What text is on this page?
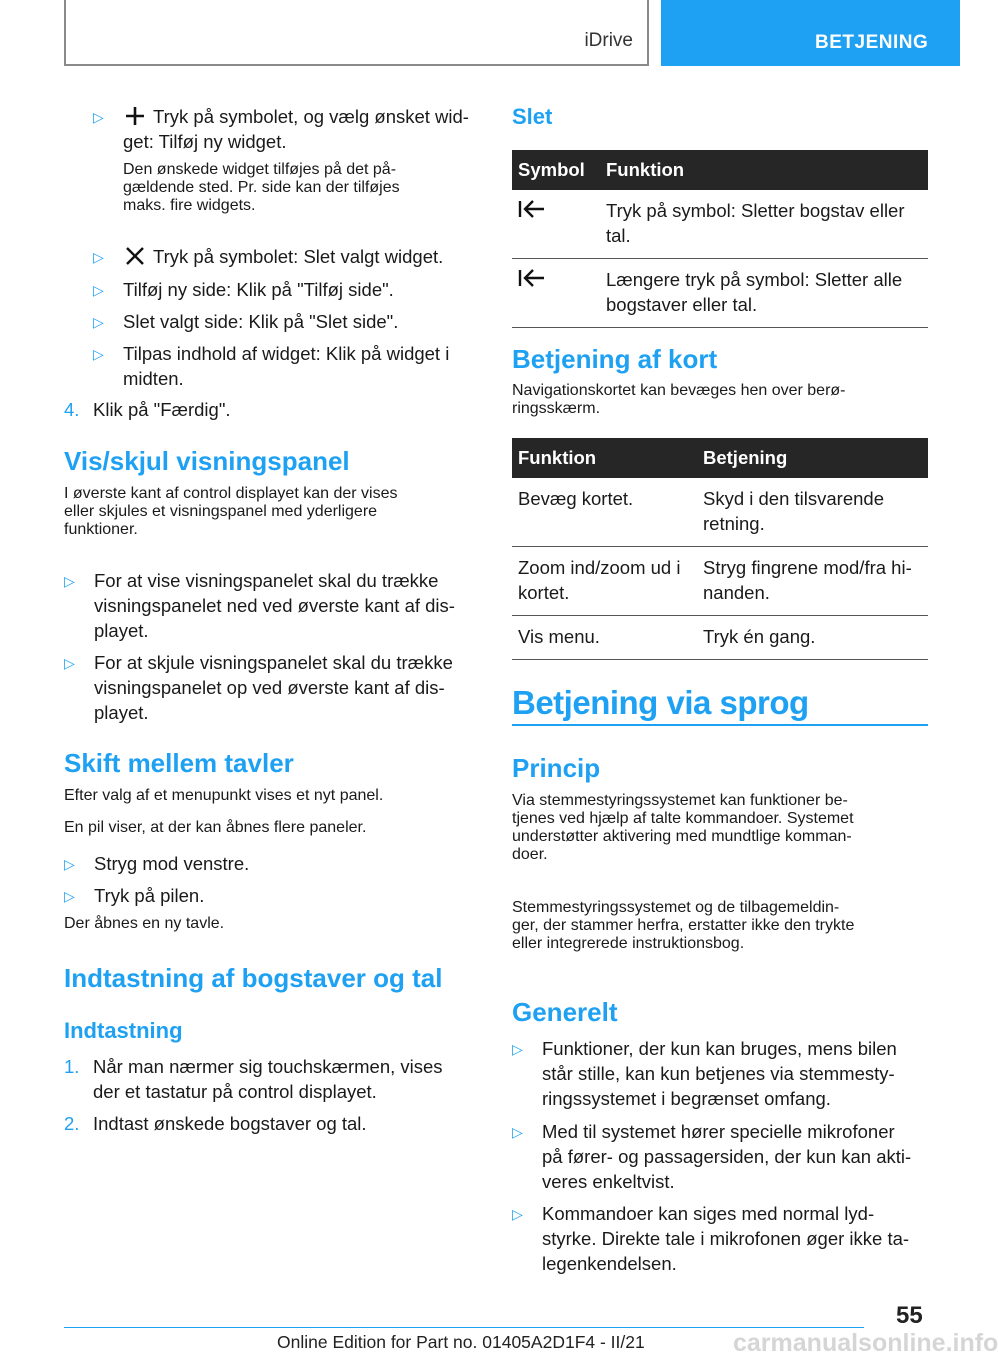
iDrive	BETJENING
▷	Tryk på symbolet, og vælg ønsket wid-
get: Tilføj ny widget.
Den ønskede widget tilføjes på det på-
gældende sted. Pr. side kan der tilføjes
maks. fire widgets.
▷	Tryk på symbolet: Slet valgt widget.
▷	Tilføj ny side: Klik på "Tilføj side".
▷	Slet valgt side: Klik på "Slet side".
▷	Tilpas indhold af widget: Klik på widget i
midten.
4. Klik på "Færdig".
Vis/skjul visningspanel
I øverste kant af control displayet kan der vises
eller skjules et visningspanel med yderligere
funktioner.
▷	For at vise visningspanelet skal du trække
visningspanelet ned ved øverste kant af dis-
playet.
▷	For at skjule visningspanelet skal du trække
visningspanelet op ved øverste kant af dis-
playet.
Skift mellem tavler
Efter valg af et menupunkt vises et nyt panel.
En pil viser, at der kan åbnes flere paneler.
▷	Stryg mod venstre.
▷	Tryk på pilen.
Der åbnes en ny tavle.
Indtastning af bogstaver og tal
Indtastning
1. Når man nærmer sig touchskærmen, vises
der et tastatur på control displayet.
2. Indtast ønskede bogstaver og tal.
Slet
Symbol	Funktion
	Tryk på symbol: Sletter bogstav eller
tal.
	Længere tryk på symbol: Sletter alle
bogstaver eller tal.
Betjening af kort
Navigationskortet kan bevæges hen over berø-
ringsskærm.
Funktion	Betjening
Bevæg kortet.	Skyd i den tilsvarende
retning.
Zoom ind/zoom ud i
kortet.	Stryg fingrene mod/fra hi-
nanden.
Vis menu.	Tryk én gang.
Betjening via sprog
Princip
Via stemmestyringssystemet kan funktioner be-
tjenes ved hjælp af talte kommandoer. Systemet
understøtter aktivering med mundtlige komman-
doer.
Stemmestyringssystemet og de tilbagemeldin-
ger, der stammer herfra, erstatter ikke den trykte
eller integrerede instruktionsbog.
Generelt
▷	Funktioner, der kun kan bruges, mens bilen
står stille, kan kun betjenes via stemmesty-
ringssystemet i begrænset omfang.
▷	Med til systemet hører specielle mikrofoner
på fører- og passagersiden, der kun kan akti-
veres enkeltvist.
▷	Kommandoer kan siges med normal lyd-
styrke. Direkte tale i mikrofonen øger ikke ta-
legenkendelsen.
55
Online Edition for Part no. 01405A2D1F4 - II/21	carmanualsonline.info
